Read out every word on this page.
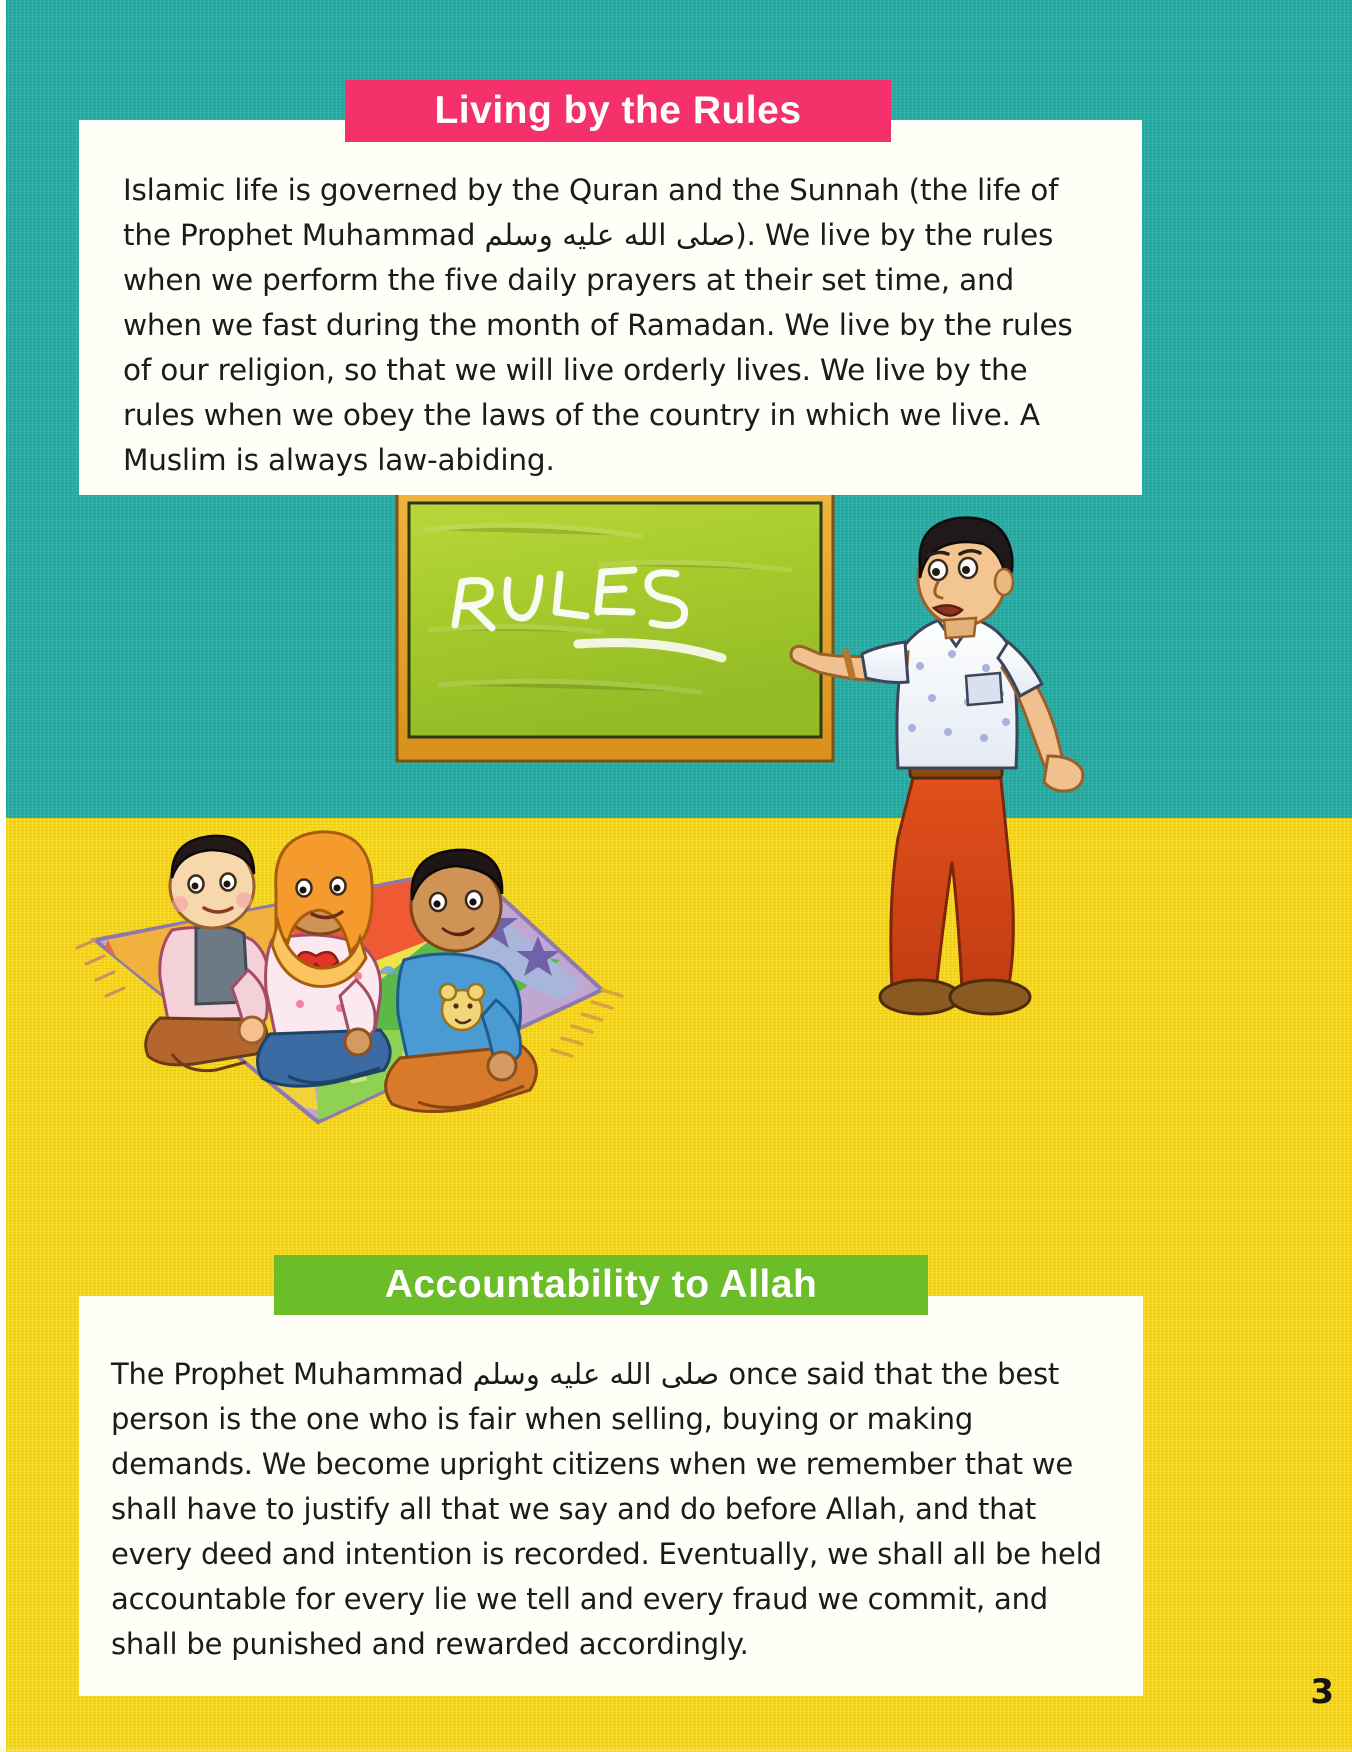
Living by the Rules
Islamic life is governed by the Quran and the Sunnah (the life of the Prophet Muhammad صلى الله عليه وسلم). We live by the rules when we perform the five daily prayers at their set time, and when we fast during the month of Ramadan. We live by the rules of our religion, so that we will live orderly lives. We live by the rules when we obey the laws of the country in which we live. A Muslim is always law-abiding.
Accountability to Allah
The Prophet Muhammad صلى الله عليه وسلم once said that the best person is the one who is fair when selling, buying or making demands. We become upright citizens when we remember that we shall have to justify all that we say and do before Allah, and that every deed and intention is recorded. Eventually, we shall all be held accountable for every lie we tell and every fraud we commit, and shall be punished and rewarded accordingly.
3
